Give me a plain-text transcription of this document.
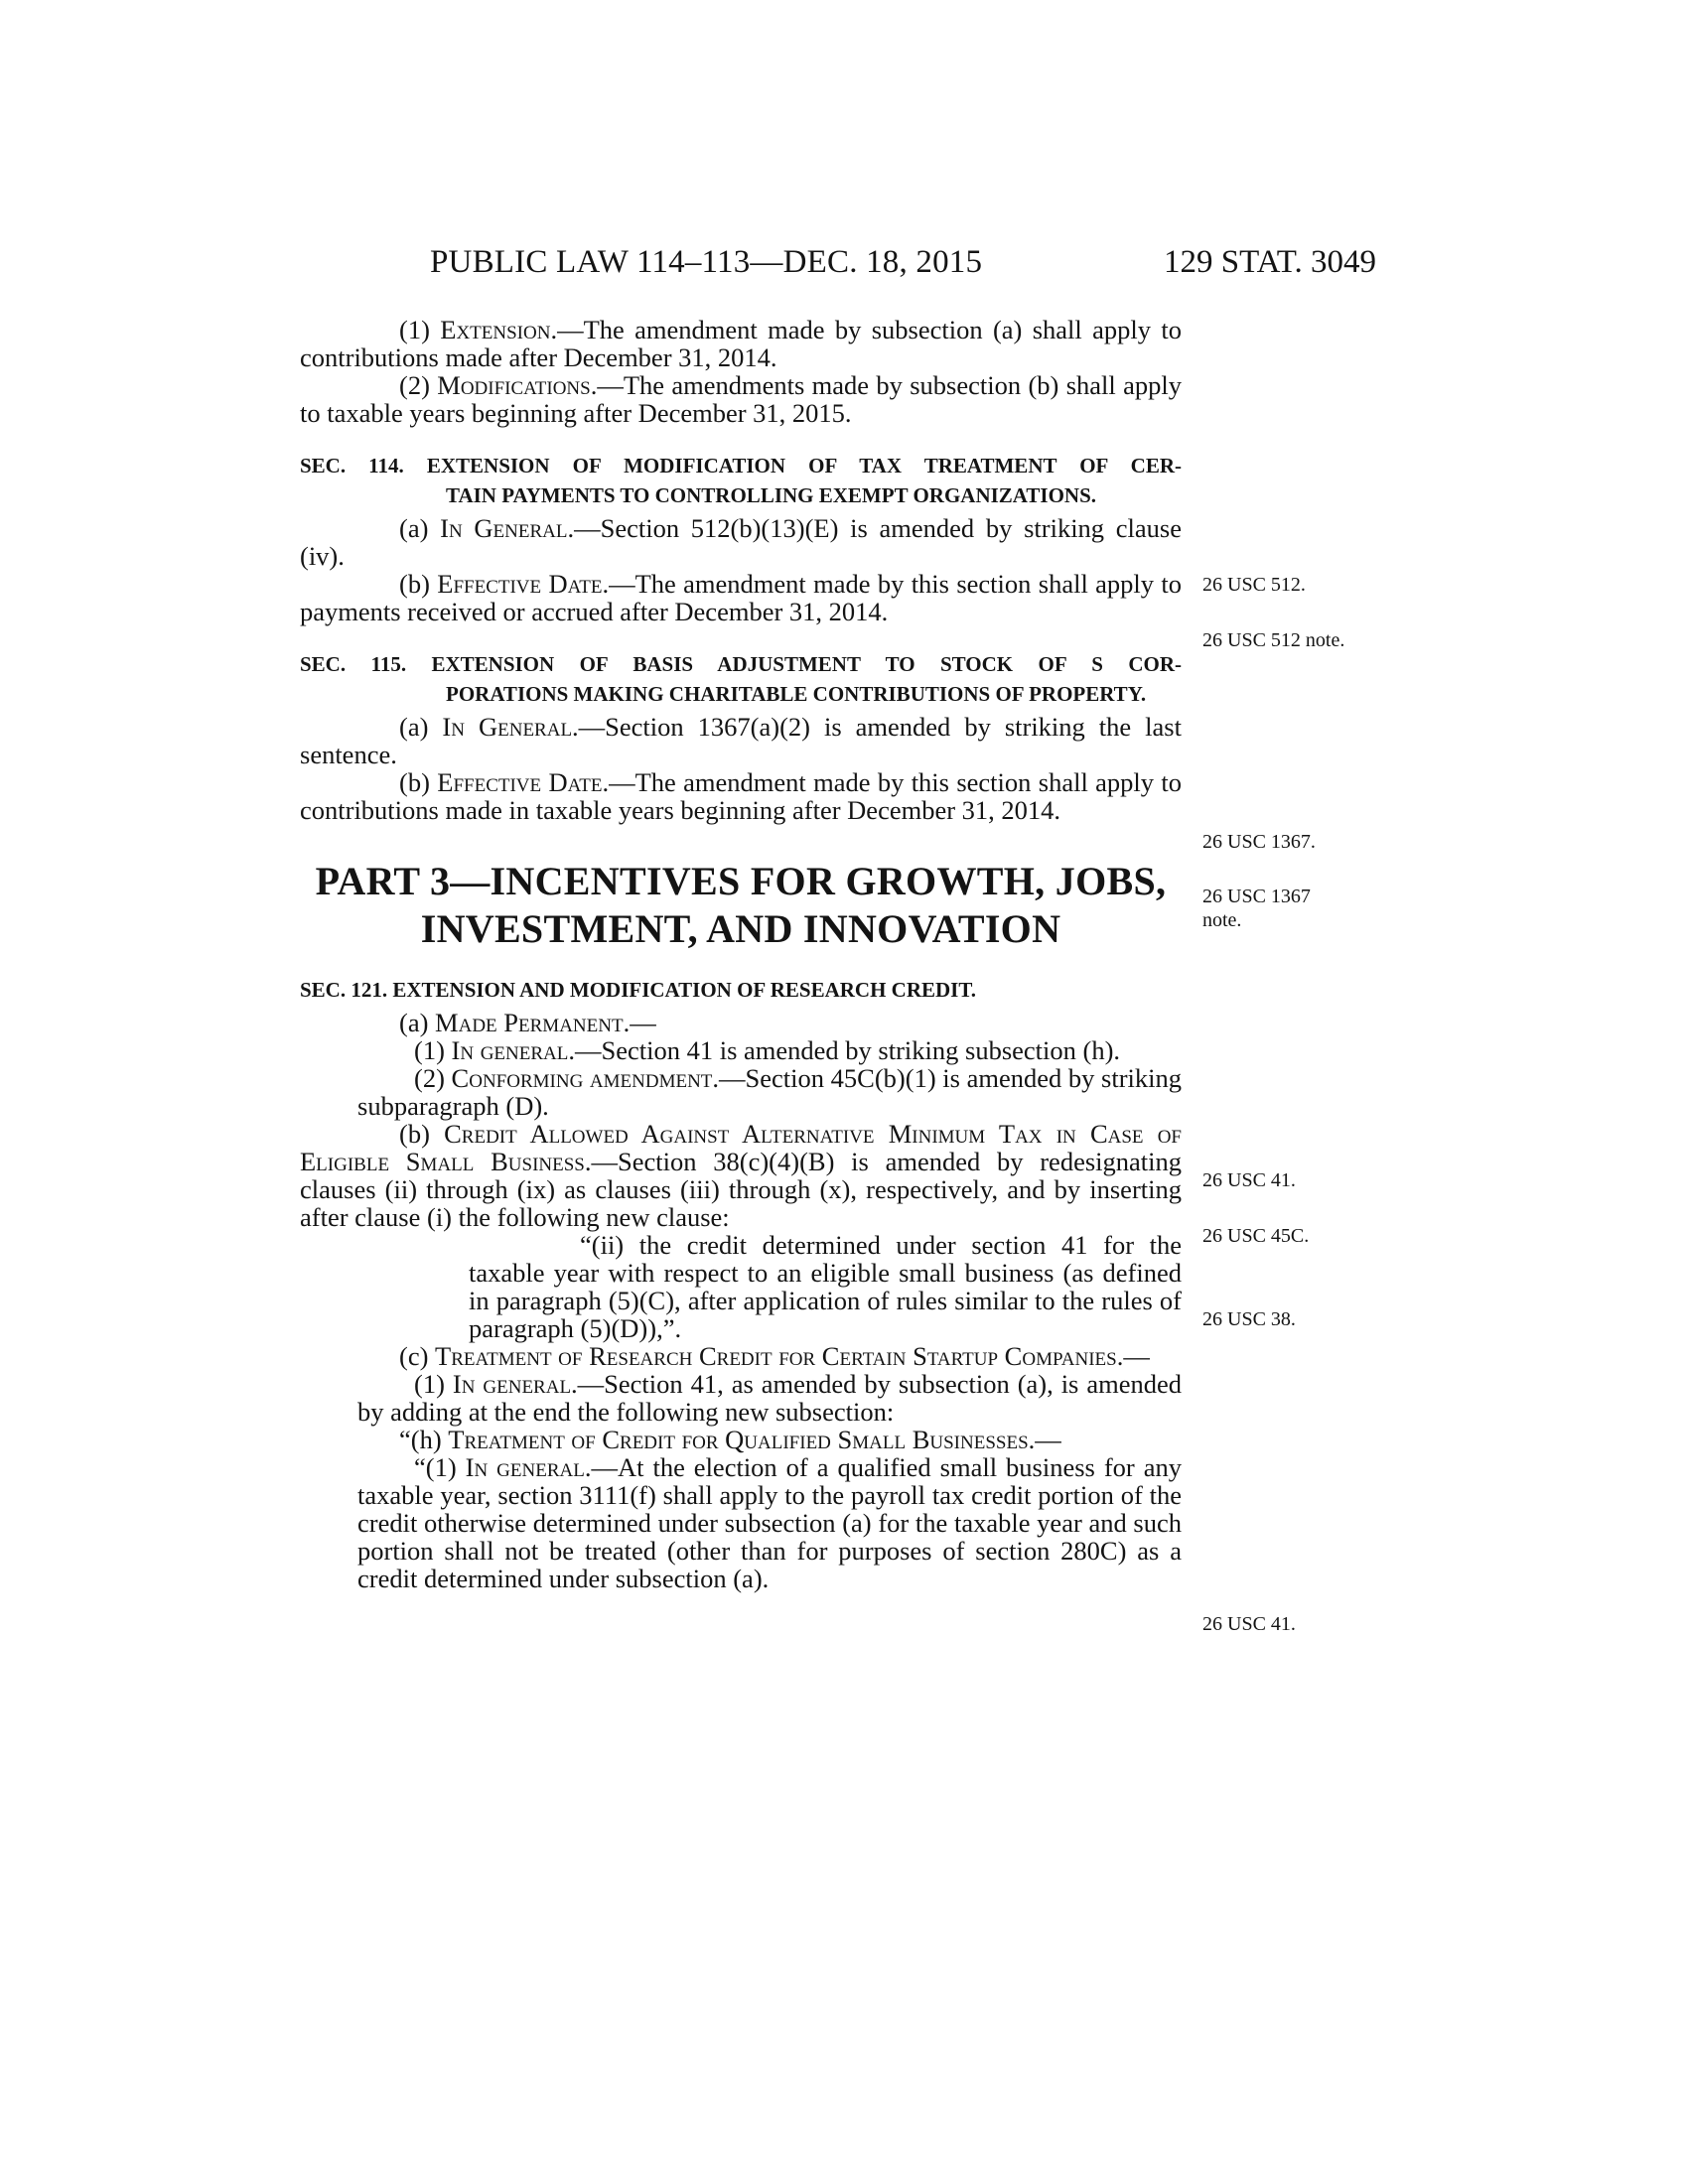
PUBLIC LAW 114–113—DEC. 18, 2015	129 STAT. 3049

(1) Extension.—The amendment made by subsection (a) shall apply to contributions made after December 31, 2014.

(2) Modifications.—The amendments made by subsection (b) shall apply to taxable years beginning after December 31, 2015.

SEC. 114. EXTENSION OF MODIFICATION OF TAX TREATMENT OF CER-
TAIN PAYMENTS TO CONTROLLING EXEMPT ORGANIZATIONS.

(a) In General.—Section 512(b)(13)(E) is amended by striking clause (iv).

(b) Effective Date.—The amendment made by this section shall apply to payments received or accrued after December 31, 2014.

SEC. 115. EXTENSION OF BASIS ADJUSTMENT TO STOCK OF S COR-
PORATIONS MAKING CHARITABLE CONTRIBUTIONS OF PROPERTY.

(a) In General.—Section 1367(a)(2) is amended by striking the last sentence.

(b) Effective Date.—The amendment made by this section shall apply to contributions made in taxable years beginning after December 31, 2014.

PART 3—INCENTIVES FOR GROWTH, JOBS,
INVESTMENT, AND INNOVATION
SEC. 121. EXTENSION AND MODIFICATION OF RESEARCH CREDIT.

(a) Made Permanent.—

(1) In general.—Section 41 is amended by striking subsection (h).

(2) Conforming amendment.—Section 45C(b)(1) is amended by striking subparagraph (D).

(b) Credit Allowed Against Alternative Minimum Tax in Case of Eligible Small Business.—Section 38(c)(4)(B) is amended by redesignating clauses (ii) through (ix) as clauses (iii) through (x), respectively, and by inserting after clause (i) the following new clause:

“(ii) the credit determined under section 41 for the taxable year with respect to an eligible small business (as defined in paragraph (5)(C), after application of rules similar to the rules of paragraph (5)(D)),”.

(c) Treatment of Research Credit for Certain Startup Companies.—

(1) In general.—Section 41, as amended by subsection (a), is amended by adding at the end the following new subsection:

“(h) Treatment of Credit for Qualified Small Businesses.—

“(1) In general.—At the election of a qualified small business for any taxable year, section 3111(f) shall apply to the payroll tax credit portion of the credit otherwise determined under subsection (a) for the taxable year and such portion shall not be treated (other than for purposes of section 280C) as a credit determined under subsection (a).

26 USC 512.
26 USC 512 note.
26 USC 1367.
26 USC 1367 note.
26 USC 41.
26 USC 45C.
26 USC 38.
26 USC 41.
